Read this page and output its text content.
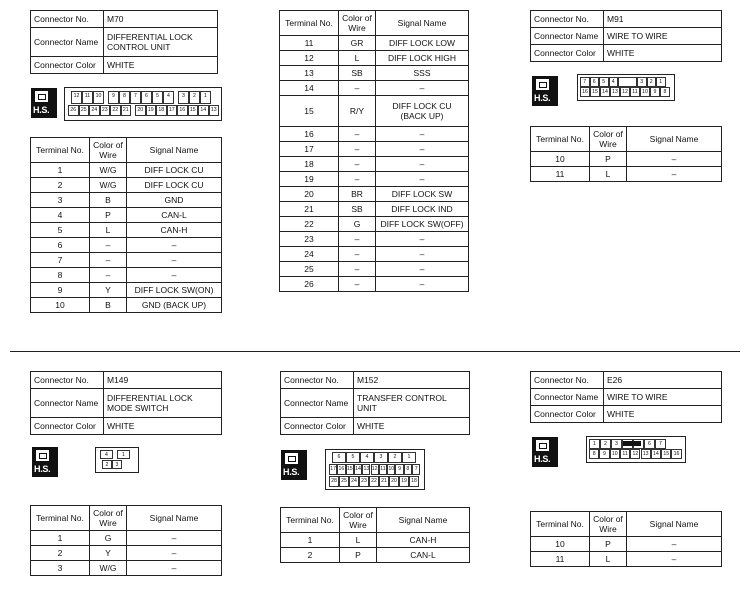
Connector No.	M70
Connector Name	DIFFERENTIAL LOCK CONTROL UNIT
Connector Color	WHITE
H.S.
12	11	10	9	8	7	6	5	4	3	2	1
26 25 24 23 22 21	20 19 18 17 16 15 14 13
Terminal No.	Color of Wire	Signal Name
1	W/G	DIFF LOCK CU
2	W/G	DIFF LOCK CU
3	B	GND
4	P	CAN-L
5	L	CAN-H
6	–	–
7	–	–
8	–	–
9	Y	DIFF LOCK SW(ON)
10	B	GND (BACK UP)
Terminal No.	Color of Wire	Signal Name
11	GR	DIFF LOCK LOW
12	L	DIFF LOCK HIGH
13	SB	SSS
14	–	–
15	R/Y	DIFF LOCK CU (BACK UP)
16	–	–
17	–	–
18	–	–
19	–	–
20	BR	DIFF LOCK SW
21	SB	DIFF LOCK IND
22	G	DIFF LOCK SW(OFF)
23	–	–
24	–	–
25	–	–
26	–	–
Connector No.	M91
Connector Name	WIRE TO WIRE
Connector Color	WHITE
H.S.
7	6	5	4	3	2	1
16 15 14 13 12 11 10	9	8
Terminal No.	Color of Wire	Signal Name
10	P	–
11	L	–
Connector No.	M149
Connector Name	DIFFERENTIAL LOCK MODE SWITCH
Connector Color	WHITE
H.S.
4	1
2	3
Terminal No.	Color of Wire	Signal Name
1	G	–
2	Y	–
3	W/G	–
Connector No.	M152
Connector Name	TRANSFER CONTROL UNIT
Connector Color	WHITE
H.S.
6	5	4	3	2	1
17 16 15 14 13 12 11 10 9	8	7
28 25 24 23 22 21 20 19 18
Terminal No.	Color of Wire	Signal Name
1	L	CAN-H
2	P	CAN-L
Connector No.	E26
Connector Name	WIRE TO WIRE
Connector Color	WHITE
H.S.
1	2	3	6	7
8	9	10 11 12 13 14 15 16
Terminal No.	Color of Wire	Signal Name
10	P	–
11	L	–
